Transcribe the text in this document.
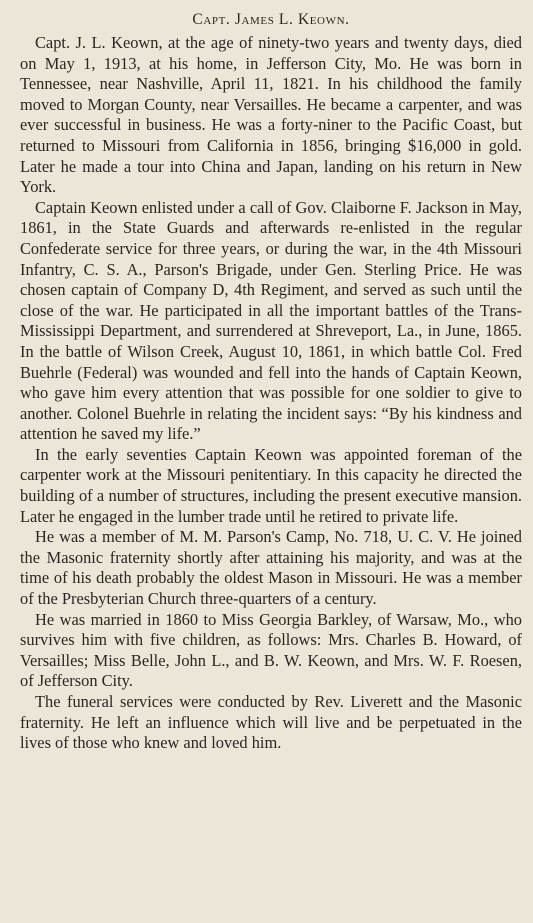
Capt. James L. Keown.

Capt. J. L. Keown, at the age of ninety-two years and twenty days, died on May 1, 1913, at his home, in Jefferson City, Mo. He was born in Tennessee, near Nashville, April 11, 1821. In his childhood the family moved to Morgan County, near Versailles. He became a carpenter, and was ever successful in business. He was a forty-niner to the Pacific Coast, but returned to Missouri from California in 1856, bringing $16,000 in gold. Later he made a tour into China and Japan, landing on his return in New York.

Captain Keown enlisted under a call of Gov. Claiborne F. Jackson in May, 1861, in the State Guards and afterwards re-enlisted in the regular Confederate service for three years, or during the war, in the 4th Missouri Infantry, C. S. A., Parson's Brigade, under Gen. Sterling Price. He was chosen captain of Company D, 4th Regiment, and served as such until the close of the war. He participated in all the important battles of the Trans-Mississippi Department, and surrendered at Shreveport, La., in June, 1865. In the battle of Wilson Creek, August 10, 1861, in which battle Col. Fred Buehrle (Federal) was wounded and fell into the hands of Captain Keown, who gave him every attention that was possible for one soldier to give to another. Colonel Buehrle in relating the incident says: “By his kindness and attention he saved my life.”

In the early seventies Captain Keown was appointed foreman of the carpenter work at the Missouri penitentiary. In this capacity he directed the building of a number of structures, including the present executive mansion. Later he engaged in the lumber trade until he retired to private life.

He was a member of M. M. Parson's Camp, No. 718, U. C. V. He joined the Masonic fraternity shortly after attaining his majority, and was at the time of his death probably the oldest Mason in Missouri. He was a member of the Presbyterian Church three-quarters of a century.

He was married in 1860 to Miss Georgia Barkley, of Warsaw, Mo., who survives him with five children, as follows: Mrs. Charles B. Howard, of Versailles; Miss Belle, John L., and B. W. Keown, and Mrs. W. F. Roesen, of Jefferson City.

The funeral services were conducted by Rev. Liverett and the Masonic fraternity. He left an influence which will live and be perpetuated in the lives of those who knew and loved him.
